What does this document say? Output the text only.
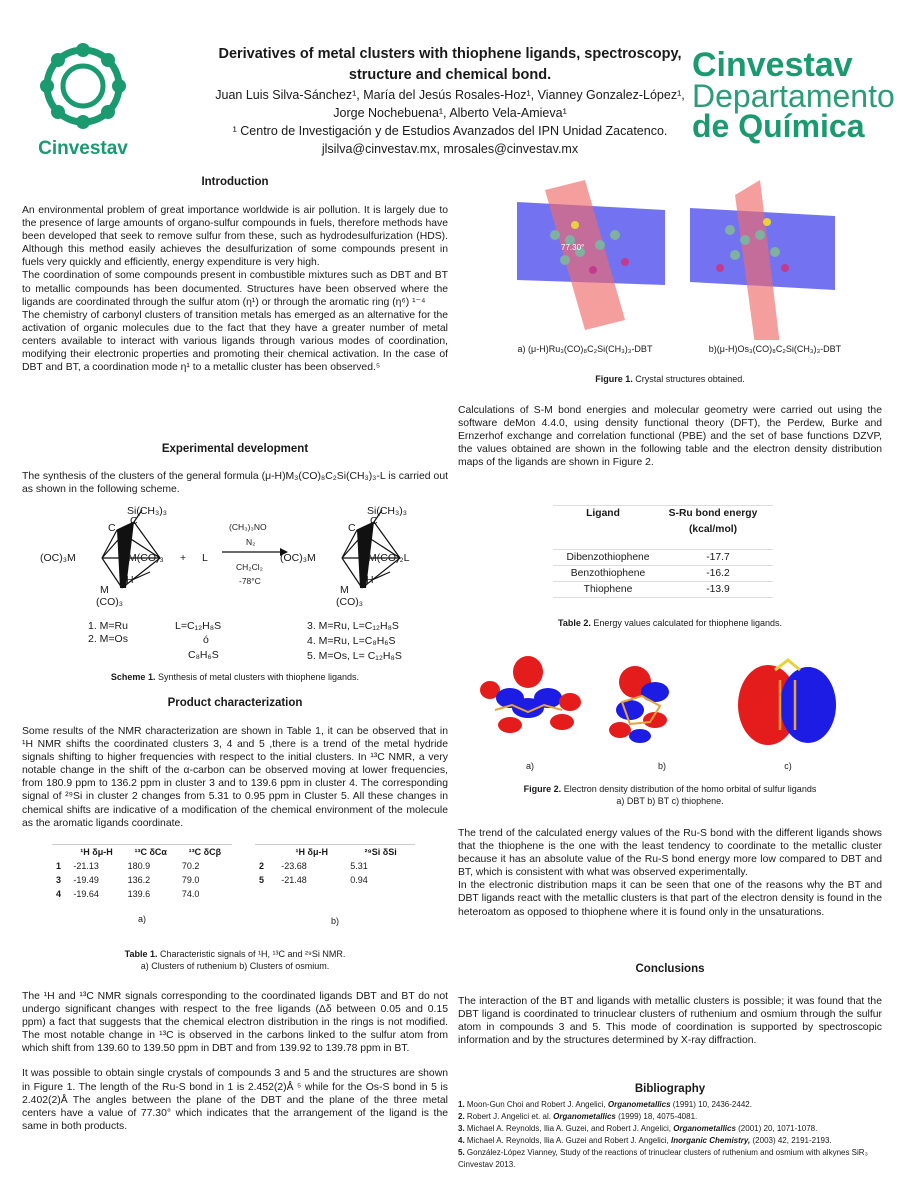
Cinvestav
Derivatives of metal clusters with thiophene ligands, spectroscopy,
structure and chemical bond.
Juan Luis Silva-Sánchez¹, María del Jesús Rosales-Hoz¹, Vianney Gonzalez-López¹,
Jorge Nochebuena¹, Alberto Vela-Amieva¹
¹ Centro de Investigación y de Estudios Avanzados del IPN Unidad Zacatenco.
jlsilva@cinvestav.mx, mrosales@cinvestav.mx
Cinvestav
Departamento
de Química
Introduction

An environmental problem of great importance worldwide is air pollution. It is largely due to the presence of large amounts of organo-sulfur compounds in fuels, therefore methods have been developed that seek to remove sulfur from these, such as hydrodesulfurization (HDS). Although this method easily achieves the desulfurization of some compounds present in fuels very quickly and efficiently, energy expenditure is very high.

The coordination of some compounds present in combustible mixtures such as DBT and BT to metallic compounds has been documented. Structures have been observed where the ligands are coordinated through the sulfur atom (η¹) or through the aromatic ring (η⁶) ¹⁻⁴

The chemistry of carbonyl clusters of transition metals has emerged as an alternative for the activation of organic molecules due to the fact that they have a greater number of metal centers available to interact with various ligands through various modes of coordination, modifying their electronic properties and promoting their chemical activation. In the case of DBT and BT, a coordination mode η¹ to a metallic cluster has been observed.⁵

Experimental development

The synthesis of the clusters of the general formula (μ-H)M₃(CO)₈C₂Si(CH₃)₃-L is carried out as shown in the following scheme.

Si(CH₃)₃
C
C
(OC)₃M	M(CO)₃
H
M
(CO)₃
+ L
(CH₃)₃NO
N₂
CH₂Cl₂
-78°C
Si(CH₃)₃
C
C
(OC)₃M	M(CO)₂L
H
M
(CO)₃
1. M=Ru
2. M=Os
L=C₁₂H₈S
ó
C₈H₆S
3. M=Ru, L=C₁₂H₈S
4. M=Ru, L=C₈H₆S
5. M=Os, L= C₁₂H₈S
Scheme 1. Synthesis of metal clusters with thiophene ligands.
Product characterization

Some results of the NMR characterization are shown in Table 1, it can be observed that in ¹H NMR shifts the coordinated clusters 3, 4 and 5 ,there is a trend of the metal hydride signals shifting to higher frequencies with respect to the initial clusters. In ¹³C NMR, a very notable change in the shift of the α-carbon can be observed moving at lower frequencies, from 180.9 ppm to 136.2 ppm in cluster 3 and to 139.6 ppm in cluster 4. The corresponding signal of ²⁹Si in cluster 2 changes from 5.31 to 0.95 ppm in Cluster 5. All these changes in chemical shifts are indicative of a modification of the chemical environment of the molecule as the aromatic ligands coordinate.

	¹H δμ-H	¹³C δCα	¹³C δCβ
1	-21.13	180.9	70.2
3	-19.49	136.2	79.0
4	-19.64	139.6	74.0
a)
	¹H δμ-H	²⁹Si δSi
2	-23.68	5.31
5	-21.48	0.94
b)
Table 1. Characteristic signals of ¹H, ¹³C and ²⁹Si NMR.
a) Clusters of ruthenium b) Clusters of osmium.

The ¹H and ¹³C NMR signals corresponding to the coordinated ligands DBT and BT do not undergo significant changes with respect to the free ligands (Δδ between 0.05 and 0.15 ppm) a fact that suggests that the chemical electron distribution in the rings is not modified. The most notable change in ¹³C is observed in the carbons linked to the sulfur atom from which shift from 139.60 to 139.50 ppm in DBT and from 139.92 to 139.78 ppm in BT.

It was possible to obtain single crystals of compounds 3 and 5 and the structures are shown in Figure 1. The length of the Ru-S bond in 1 is 2.452(2)Å ⁵ while for the Os-S bond in 5 is 2.402(2)Å The angles between the plane of the DBT and the plane of the three metal centers have a value of 77.30° which indicates that the arrangement of the ligand is the same in both products.

77.30°
a) (μ-H)Ru₃(CO)₈C₂Si(CH₃)₃-DBT	b)(μ-H)Os₃(CO)₈C₂Si(CH₃)₃-DBT
Figure 1. Crystal structures obtained.

Calculations of S-M bond energies and molecular geometry were carried out using the software deMon 4.4.0, using density functional theory (DFT), the Perdew, Burke and Ernzerhof exchange and correlation functional (PBE) and the set of base functions DZVP, the values obtained are shown in the following table and the electron density distribution maps of the ligands are shown in Figure 2.

Ligand	S-Ru bond energy
(kcal/mol)
Dibenzothiophene	-17.7
Benzothiophene	-16.2
Thiophene	-13.9
Table 2. Energy values calculated for thiophene ligands.
a)	b)	c)
Figure 2. Electron density distribution of the homo orbital of sulfur ligands
a) DBT b) BT c) thiophene.

The trend of the calculated energy values of the Ru-S bond with the different ligands shows that the thiophene is the one with the least tendency to coordinate to the metallic cluster because it has an absolute value of the Ru-S bond energy more low compared to DBT and BT, which is consistent with what was observed experimentally.

In the electronic distribution maps it can be seen that one of the reasons why the BT and DBT ligands react with the metallic clusters is that part of the electron density is found in the heteroatom as opposed to thiophene where it is found only in the unsaturations.

Conclusions

The interaction of the BT and ligands with metallic clusters is possible; it was found that the DBT ligand is coordinated to trinuclear clusters of ruthenium and osmium through the sulfur atom in compounds 3 and 5. This mode of coordination is supported by spectroscopic information and by the structures determined by X-ray diffraction.

Bibliography
1. Moon-Gun Choi and Robert J. Angelici, Organometallics (1991) 10, 2436-2442.
2. Robert J. Angelici et. al. Organometallics (1999) 18, 4075-4081.
3. Michael A. Reynolds, Ilia A. Guzei, and Robert J. Angelici, Organometallics (2001) 20, 1071-1078.
4. Michael A. Reynolds, Ilia A. Guzei and Robert J. Angelici, Inorganic Chemistry, (2003) 42, 2191-2193.
5. González-López Vianney, Study of the reactions of trinuclear clusters of ruthenium and osmium with alkynes SiR₃ Cinvestav 2013.
